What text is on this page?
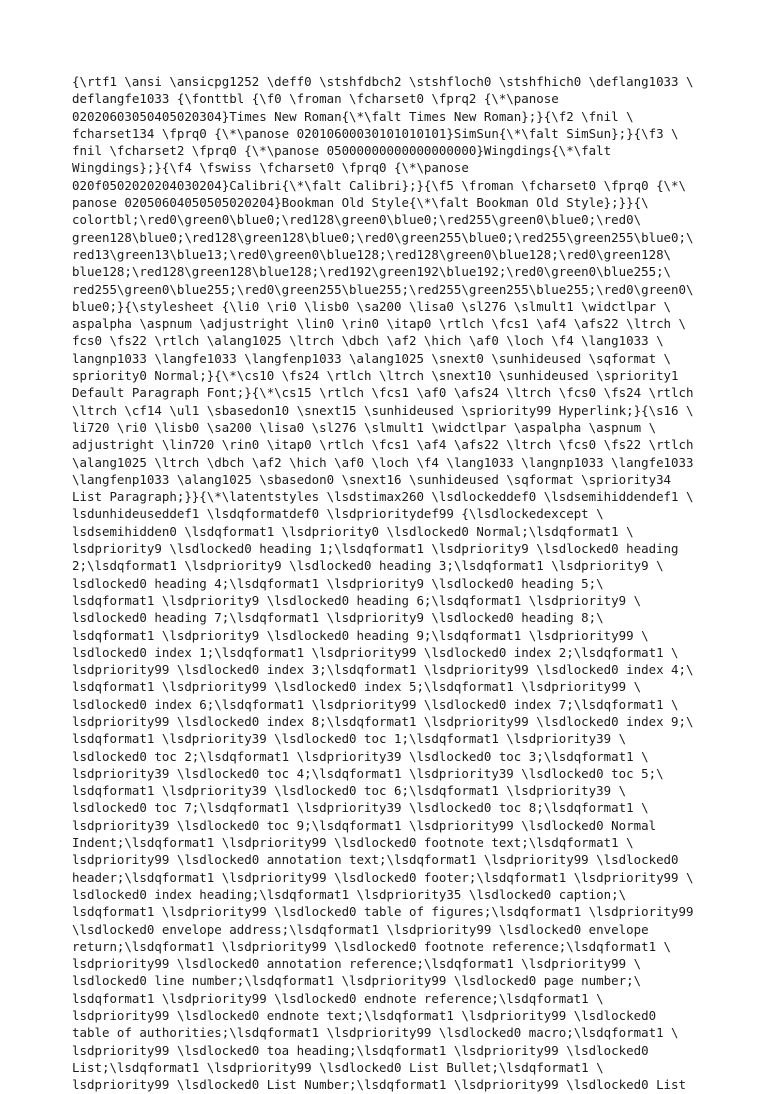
{\rtf1 \ansi \ansicpg1252 \deff0 \stshfdbch2 \stshfloch0 \stshfhich0 \deflang1033 \
deflangfe1033 {\fonttbl {\f0 \froman \fcharset0 \fprq2 {\*\panose
02020603050405020304}Times New Roman{\*\falt Times New Roman};}{\f2 \fnil \
fcharset134 \fprq0 {\*\panose 02010600030101010101}SimSun{\*\falt SimSun};}{\f3 \
fnil \fcharset2 \fprq0 {\*\panose 05000000000000000000}Wingdings{\*\falt
Wingdings};}{\f4 \fswiss \fcharset0 \fprq0 {\*\panose
020f0502020204030204}Calibri{\*\falt Calibri};}{\f5 \froman \fcharset0 \fprq0 {\*\
panose 02050604050505020204}Bookman Old Style{\*\falt Bookman Old Style};}}{\
colortbl;\red0\green0\blue0;\red128\green0\blue0;\red255\green0\blue0;\red0\
green128\blue0;\red128\green128\blue0;\red0\green255\blue0;\red255\green255\blue0;\
red13\green13\blue13;\red0\green0\blue128;\red128\green0\blue128;\red0\green128\
blue128;\red128\green128\blue128;\red192\green192\blue192;\red0\green0\blue255;\
red255\green0\blue255;\red0\green255\blue255;\red255\green255\blue255;\red0\green0\
blue0;}{\stylesheet {\li0 \ri0 \lisb0 \sa200 \lisa0 \sl276 \slmult1 \widctlpar \
aspalpha \aspnum \adjustright \lin0 \rin0 \itap0 \rtlch \fcs1 \af4 \afs22 \ltrch \
fcs0 \fs22 \rtlch \alang1025 \ltrch \dbch \af2 \hich \af0 \loch \f4 \lang1033 \
langnp1033 \langfe1033 \langfenp1033 \alang1025 \snext0 \sunhideused \sqformat \
spriority0 Normal;}{\*\cs10 \fs24 \rtlch \ltrch \snext10 \sunhideused \spriority1
Default Paragraph Font;}{\*\cs15 \rtlch \fcs1 \af0 \afs24 \ltrch \fcs0 \fs24 \rtlch
\ltrch \cf14 \ul1 \sbasedon10 \snext15 \sunhideused \spriority99 Hyperlink;}{\s16 \
li720 \ri0 \lisb0 \sa200 \lisa0 \sl276 \slmult1 \widctlpar \aspalpha \aspnum \
adjustright \lin720 \rin0 \itap0 \rtlch \fcs1 \af4 \afs22 \ltrch \fcs0 \fs22 \rtlch
\alang1025 \ltrch \dbch \af2 \hich \af0 \loch \f4 \lang1033 \langnp1033 \langfe1033
\langfenp1033 \alang1025 \sbasedon0 \snext16 \sunhideused \sqformat \spriority34
List Paragraph;}}{\*\latentstyles \lsdstimax260 \lsdlockeddef0 \lsdsemihiddendef1 \
lsdunhideuseddef1 \lsdqformatdef0 \lsdprioritydef99 {\lsdlockedexcept \
lsdsemihidden0 \lsdqformat1 \lsdpriority0 \lsdlocked0 Normal;\lsdqformat1 \
lsdpriority9 \lsdlocked0 heading 1;\lsdqformat1 \lsdpriority9 \lsdlocked0 heading
2;\lsdqformat1 \lsdpriority9 \lsdlocked0 heading 3;\lsdqformat1 \lsdpriority9 \
lsdlocked0 heading 4;\lsdqformat1 \lsdpriority9 \lsdlocked0 heading 5;\
lsdqformat1 \lsdpriority9 \lsdlocked0 heading 6;\lsdqformat1 \lsdpriority9 \
lsdlocked0 heading 7;\lsdqformat1 \lsdpriority9 \lsdlocked0 heading 8;\
lsdqformat1 \lsdpriority9 \lsdlocked0 heading 9;\lsdqformat1 \lsdpriority99 \
lsdlocked0 index 1;\lsdqformat1 \lsdpriority99 \lsdlocked0 index 2;\lsdqformat1 \
lsdpriority99 \lsdlocked0 index 3;\lsdqformat1 \lsdpriority99 \lsdlocked0 index 4;\
lsdqformat1 \lsdpriority99 \lsdlocked0 index 5;\lsdqformat1 \lsdpriority99 \
lsdlocked0 index 6;\lsdqformat1 \lsdpriority99 \lsdlocked0 index 7;\lsdqformat1 \
lsdpriority99 \lsdlocked0 index 8;\lsdqformat1 \lsdpriority99 \lsdlocked0 index 9;\
lsdqformat1 \lsdpriority39 \lsdlocked0 toc 1;\lsdqformat1 \lsdpriority39 \
lsdlocked0 toc 2;\lsdqformat1 \lsdpriority39 \lsdlocked0 toc 3;\lsdqformat1 \
lsdpriority39 \lsdlocked0 toc 4;\lsdqformat1 \lsdpriority39 \lsdlocked0 toc 5;\
lsdqformat1 \lsdpriority39 \lsdlocked0 toc 6;\lsdqformat1 \lsdpriority39 \
lsdlocked0 toc 7;\lsdqformat1 \lsdpriority39 \lsdlocked0 toc 8;\lsdqformat1 \
lsdpriority39 \lsdlocked0 toc 9;\lsdqformat1 \lsdpriority99 \lsdlocked0 Normal
Indent;\lsdqformat1 \lsdpriority99 \lsdlocked0 footnote text;\lsdqformat1 \
lsdpriority99 \lsdlocked0 annotation text;\lsdqformat1 \lsdpriority99 \lsdlocked0
header;\lsdqformat1 \lsdpriority99 \lsdlocked0 footer;\lsdqformat1 \lsdpriority99 \
lsdlocked0 index heading;\lsdqformat1 \lsdpriority35 \lsdlocked0 caption;\
lsdqformat1 \lsdpriority99 \lsdlocked0 table of figures;\lsdqformat1 \lsdpriority99
\lsdlocked0 envelope address;\lsdqformat1 \lsdpriority99 \lsdlocked0 envelope
return;\lsdqformat1 \lsdpriority99 \lsdlocked0 footnote reference;\lsdqformat1 \
lsdpriority99 \lsdlocked0 annotation reference;\lsdqformat1 \lsdpriority99 \
lsdlocked0 line number;\lsdqformat1 \lsdpriority99 \lsdlocked0 page number;\
lsdqformat1 \lsdpriority99 \lsdlocked0 endnote reference;\lsdqformat1 \
lsdpriority99 \lsdlocked0 endnote text;\lsdqformat1 \lsdpriority99 \lsdlocked0
table of authorities;\lsdqformat1 \lsdpriority99 \lsdlocked0 macro;\lsdqformat1 \
lsdpriority99 \lsdlocked0 toa heading;\lsdqformat1 \lsdpriority99 \lsdlocked0
List;\lsdqformat1 \lsdpriority99 \lsdlocked0 List Bullet;\lsdqformat1 \
lsdpriority99 \lsdlocked0 List Number;\lsdqformat1 \lsdpriority99 \lsdlocked0 List
